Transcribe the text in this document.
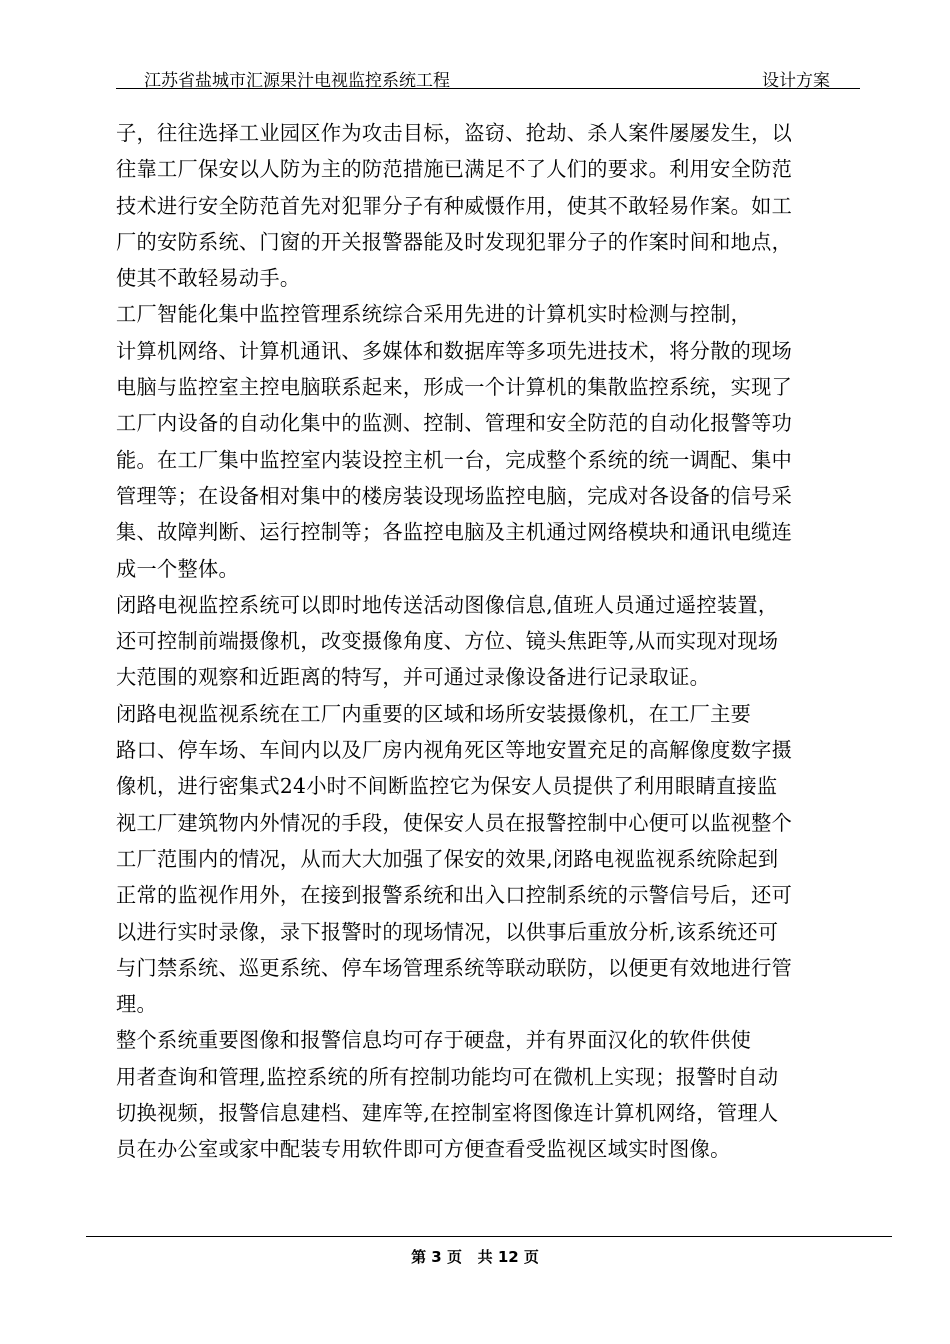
江苏省盐城市汇源果汁电视监控系统工程	设计方案
子，往往选择工业园区作为攻击目标，盗窃、抢劫、杀人案件屡屡发生，以
往靠工厂保安以人防为主的防范措施已满足不了人们的要求。利用安全防范
技术进行安全防范首先对犯罪分子有种威慑作用，使其不敢轻易作案。如工
厂的安防系统、门窗的开关报警器能及时发现犯罪分子的作案时间和地点，
使其不敢轻易动手。
工厂智能化集中监控管理系统综合采用先进的计算机实时检测与控制，
计算机网络、计算机通讯、多媒体和数据库等多项先进技术，将分散的现场
电脑与监控室主控电脑联系起来，形成一个计算机的集散监控系统，实现了
工厂内设备的自动化集中的监测、控制、管理和安全防范的自动化报警等功
能。在工厂集中监控室内装设控主机一台，完成整个系统的统一调配、集中
管理等；在设备相对集中的楼房装设现场监控电脑，完成对各设备的信号采
集、故障判断、运行控制等；各监控电脑及主机通过网络模块和通讯电缆连
成一个整体。
闭路电视监控系统可以即时地传送活动图像信息,值班人员通过遥控装置，
还可控制前端摄像机，改变摄像角度、方位、镜头焦距等,从而实现对现场
大范围的观察和近距离的特写，并可通过录像设备进行记录取证。
闭路电视监视系统在工厂内重要的区域和场所安装摄像机，在工厂主要
路口、停车场、车间内以及厂房内视角死区等地安置充足的高解像度数字摄
像机，进行密集式24小时不间断监控它为保安人员提供了利用眼睛直接监
视工厂建筑物内外情况的手段，使保安人员在报警控制中心便可以监视整个
工厂范围内的情况，从而大大加强了保安的效果,闭路电视监视系统除起到
正常的监视作用外，在接到报警系统和出入口控制系统的示警信号后，还可
以进行实时录像，录下报警时的现场情况，以供事后重放分析,该系统还可
与门禁系统、巡更系统、停车场管理系统等联动联防，以便更有效地进行管
理。
整个系统重要图像和报警信息均可存于硬盘，并有界面汉化的软件供使
用者查询和管理,监控系统的所有控制功能均可在微机上实现；报警时自动
切换视频，报警信息建档、建库等,在控制室将图像连计算机网络，管理人
员在办公室或家中配装专用软件即可方便查看受监视区域实时图像。
第 3 页   共 12 页
